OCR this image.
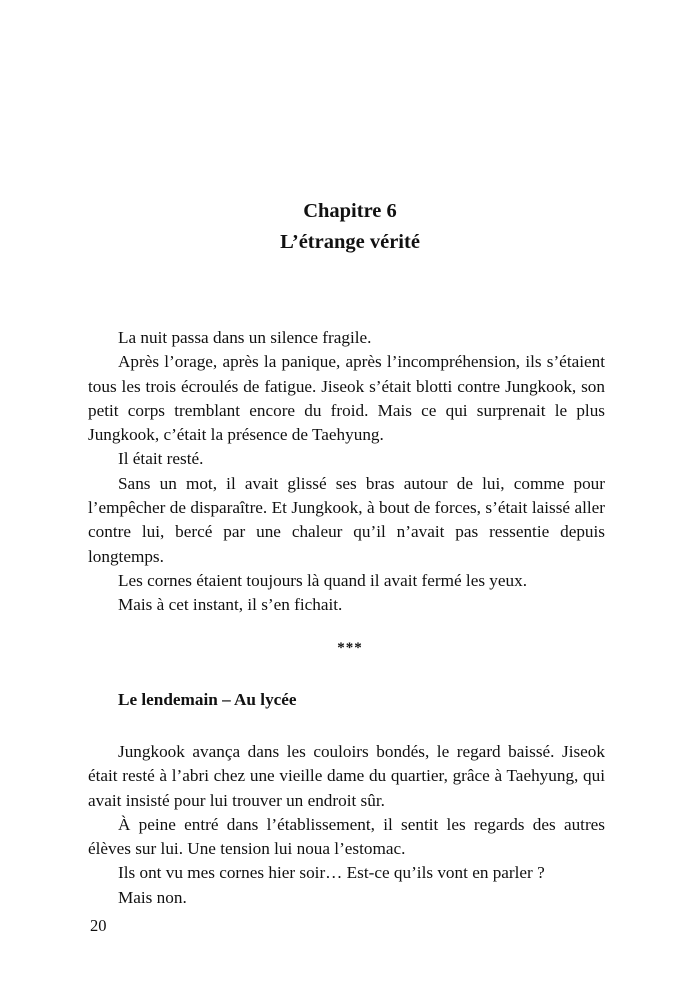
Chapitre 6
L’étrange vérité

La nuit passa dans un silence fragile.

Après l’orage, après la panique, après l’incompréhension, ils s’étaient tous les trois écroulés de fatigue. Jiseok s’était blotti contre Jungkook, son petit corps tremblant encore du froid. Mais ce qui surprenait le plus Jungkook, c’était la présence de Taehyung.

Il était resté.

Sans un mot, il avait glissé ses bras autour de lui, comme pour l’empêcher de disparaître. Et Jungkook, à bout de forces, s’était laissé aller contre lui, bercé par une chaleur qu’il n’avait pas ressentie depuis longtemps.

Les cornes étaient toujours là quand il avait fermé les yeux.

Mais à cet instant, il s’en fichait.

***
Le lendemain – Au lycée

Jungkook avança dans les couloirs bondés, le regard baissé. Jiseok était resté à l’abri chez une vieille dame du quartier, grâce à Taehyung, qui avait insisté pour lui trouver un endroit sûr.

À peine entré dans l’établissement, il sentit les regards des autres élèves sur lui. Une tension lui noua l’estomac.

Ils ont vu mes cornes hier soir… Est-ce qu’ils vont en parler ?

Mais non.

20
